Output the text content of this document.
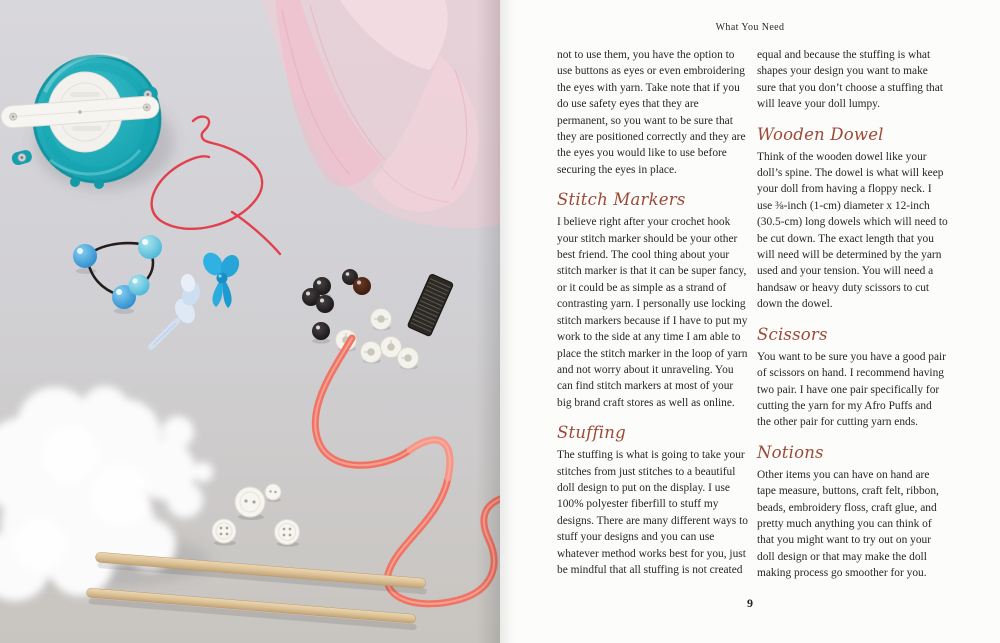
What You Need

not to use them, you have the option to use buttons as eyes or even embroidering the eyes with yarn. Take note that if you do use safety eyes that they are permanent, so you want to be sure that they are positioned correctly and they are the eyes you would like to use before securing the eyes in place.

Stitch Markers

I believe right after your crochet hook your stitch marker should be your other best friend. The cool thing about your stitch marker is that it can be super fancy, or it could be as simple as a strand of contrasting yarn. I personally use locking stitch markers because if I have to put my work to the side at any time I am able to place the stitch marker in the loop of yarn and not worry about it unraveling. You can find stitch markers at most of your big brand craft stores as well as online.

Stuffing

The stuffing is what is going to take your stitches from just stitches to a beautiful doll design to put on the display. I use 100% polyester fiberfill to stuff my designs. There are many different ways to stuff your designs and you can use whatever method works best for you, just be mindful that all stuffing is not created

equal and because the stuffing is what shapes your design you want to make sure that you don’t choose a stuffing that will leave your doll lumpy.

Wooden Dowel

Think of the wooden dowel like your doll’s spine. The dowel is what will keep your doll from having a floppy neck. I use ⅜-inch (1-cm) diameter x 12-inch (30.5-cm) long dowels which will need to be cut down. The exact length that you will need will be determined by the yarn used and your tension. You will need a handsaw or heavy duty scissors to cut down the dowel.

Scissors

You want to be sure you have a good pair of scissors on hand. I recommend having two pair. I have one pair specifically for cutting the yarn for my Afro Puffs and the other pair for cutting yarn ends.

Notions

Other items you can have on hand are tape measure, buttons, craft felt, ribbon, beads, embroidery floss, craft glue, and pretty much anything you can think of that you might want to try out on your doll design or that may make the doll making process go smoother for you.

9
